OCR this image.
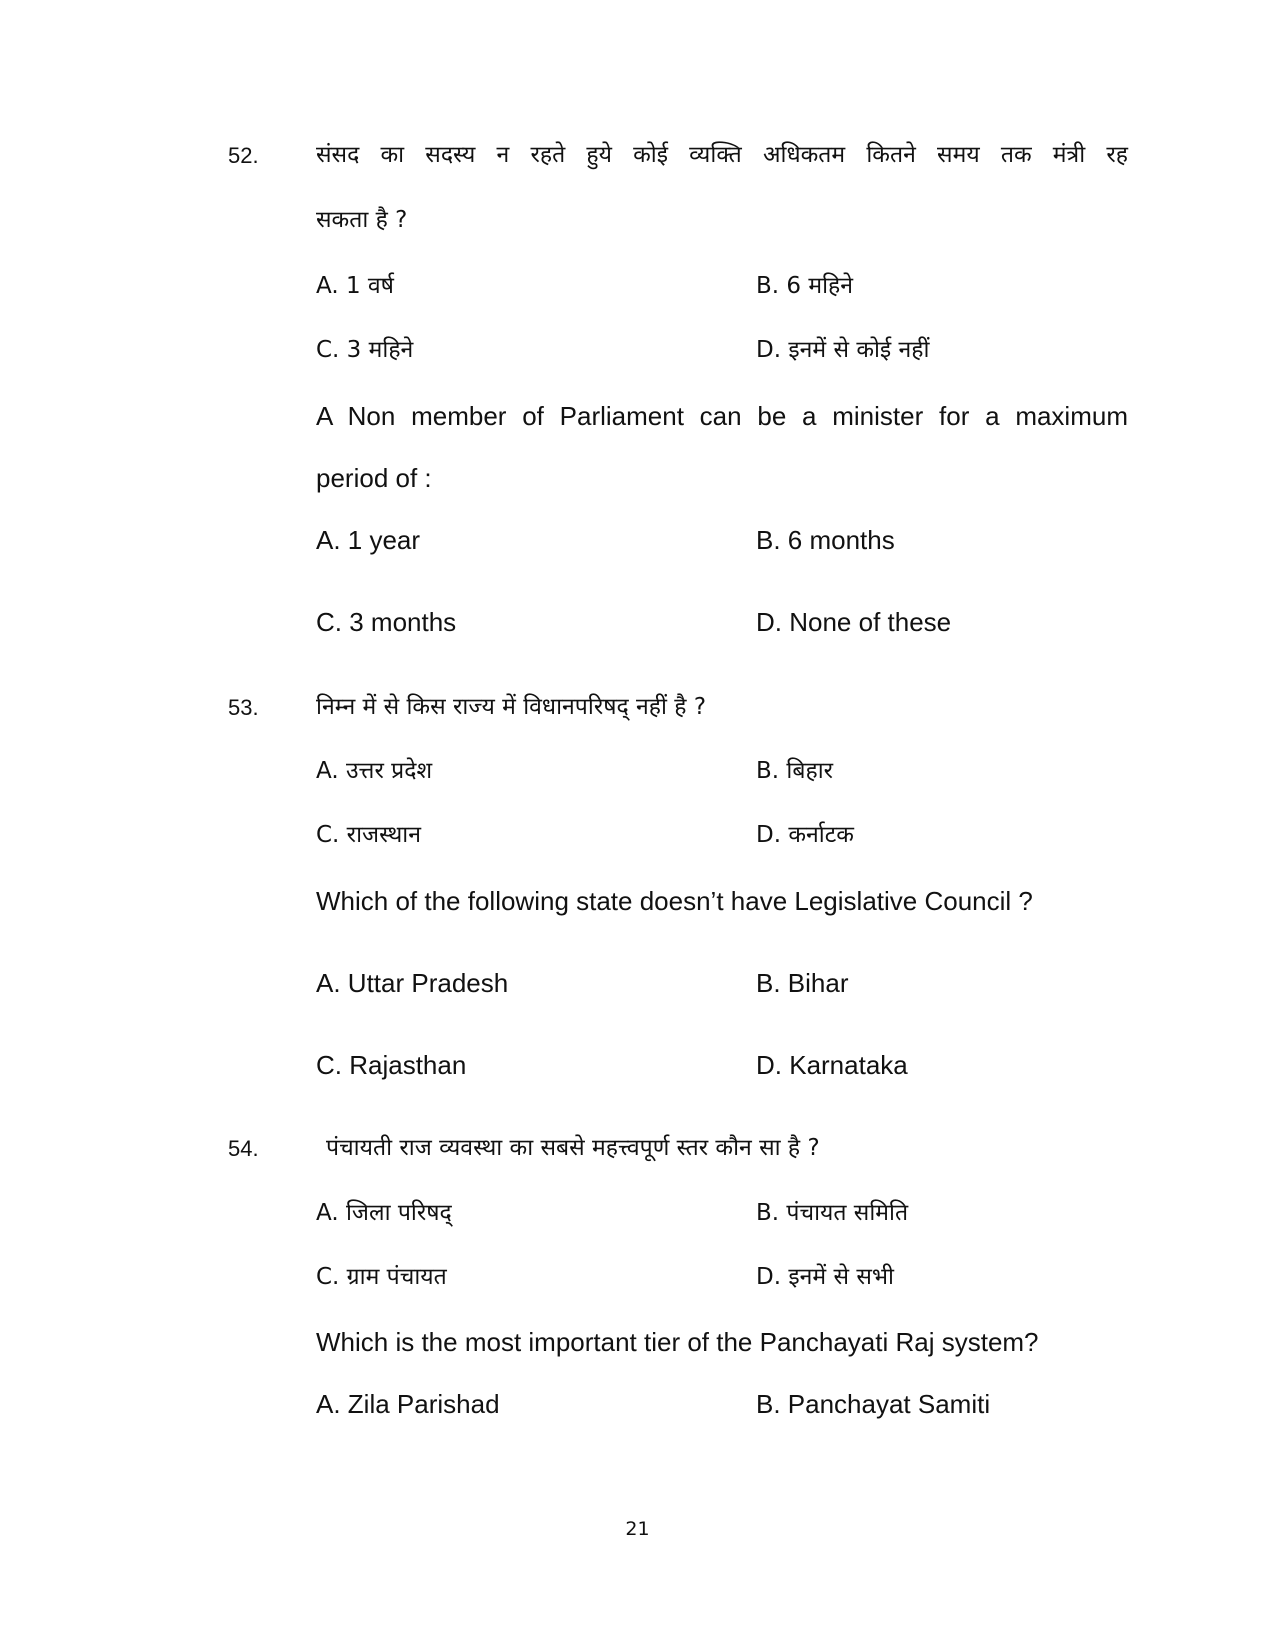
52. संसद का सदस्य न रहते हुये कोई व्यक्ति अधिकतम कितने समय तक मंत्री रह
सकता है ?
A. 1 वर्ष	B. 6 महिने
C. 3 महिने	D. इनमें से कोई नहीं
A Non member of Parliament can be a minister for a maximum
period of :
A. 1 year	B. 6 months
C. 3 months	D. None of these
53. निम्न में से किस राज्य में विधानपरिषद् नहीं है ?
A. उत्तर प्रदेश	B. बिहार
C. राजस्थान	D. कर्नाटक
Which of the following state doesn’t have Legislative Council ?
A. Uttar Pradesh	B. Bihar
C. Rajasthan	D. Karnataka
54.	पंचायती राज व्यवस्था का सबसे महत्त्वपूर्ण स्तर कौन सा है ?
A. जिला परिषद्	B. पंचायत समिति
C. ग्राम पंचायत	D. इनमें से सभी
Which is the most important tier of the Panchayati Raj system?
A. Zila Parishad	B. Panchayat Samiti
21
